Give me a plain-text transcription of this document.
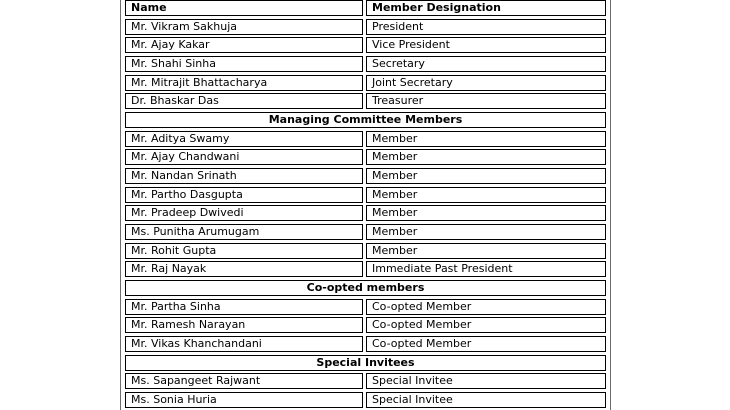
Name	Member Designation
Mr. Vikram Sakhuja	President
Mr. Ajay Kakar	Vice President
Mr. Shahi Sinha	Secretary
Mr. Mitrajit Bhattacharya	Joint Secretary
Dr. Bhaskar Das	Treasurer
Managing Committee Members
Mr. Aditya Swamy	Member
Mr. Ajay Chandwani	Member
Mr. Nandan Srinath	Member
Mr. Partho Dasgupta	Member
Mr. Pradeep Dwivedi	Member
Ms. Punitha Arumugam	Member
Mr. Rohit Gupta	Member
Mr. Raj Nayak	Immediate Past President
Co-opted members
Mr. Partha Sinha	Co-opted Member
Mr. Ramesh Narayan	Co-opted Member
Mr. Vikas Khanchandani	Co-opted Member
Special Invitees
Ms. Sapangeet Rajwant	Special Invitee
Ms. Sonia Huria	Special Invitee
